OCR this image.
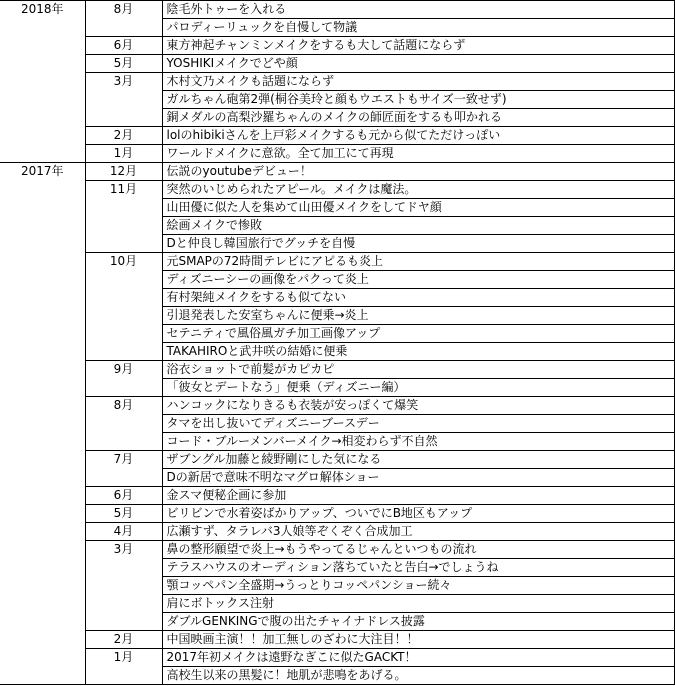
2018年	8月	陰毛外トゥーを入れる
		パロディーリュックを自慢して物議
	6月	東方神起チャンミンメイクをするも大して話題にならず
	5月	YOSHIKIメイクでどや顔
	3月	木村文乃メイクも話題にならず
		ガルちゃん砲第2弾(桐谷美玲と顔もウエストもサイズ一致せず)
		銅メダルの高梨沙羅ちゃんのメイクの師匠面をするも叩かれる
	2月	lolのhibikiさんを上戸彩メイクするも元から似てただけっぽい
	1月	ワールドメイクに意欲。全て加工にて再現
2017年	12月	伝説のyoutubeデビュー！
	11月	突然のいじめられたアピール。メイクは魔法。
		山田優に似た人を集めて山田優メイクをしてドヤ顔
		絵画メイクで惨敗
		Dと仲良し韓国旅行でグッチを自慢
	10月	元SMAPの72時間テレビにアピるも炎上
		ディズニーシーの画像をパクって炎上
		有村架純メイクをするも似てない
		引退発表した安室ちゃんに便乗→炎上
		セテニティで風俗風ガチ加工画像アップ
		TAKAHIROと武井咲の結婚に便乗
	9月	浴衣ショットで前髪がカピカピ
		「彼女とデートなう」便乗（ディズニー編）
	8月	ハンコックになりきるも衣装が安っぽくて爆笑
		タマを出し抜いてディズニーブースデー
		コード・ブルーメンバーメイク→相変わらず不自然
	7月	ザブングル加藤と綾野剛にした気になる
		Dの新居で意味不明なマグロ解体ショー
	6月	金スマ便秘企画に参加
	5月	ビリビンで水着姿ばかりアップ、ついでにB地区もアップ
	4月	広瀬すず、タラレバ3人娘等ぞくぞく合成加工
	3月	鼻の整形願望で炎上→もうやってるじゃんといつもの流れ
		テラスハウスのオーディション落ちていたと告白→でしょうね
		顎コッペパン全盛期→うっとりコッペパンショー続々
		肩にボトックス注射
		ダブルGENKINGで腹の出たチャイナドレス披露
	2月	中国映画主演！！加工無しのざわに大注目！！
	1月	2017年初メイクは遠野なぎこに似たGACKT！
		高校生以来の黒髪に！地肌が悲鳴をあげる。
